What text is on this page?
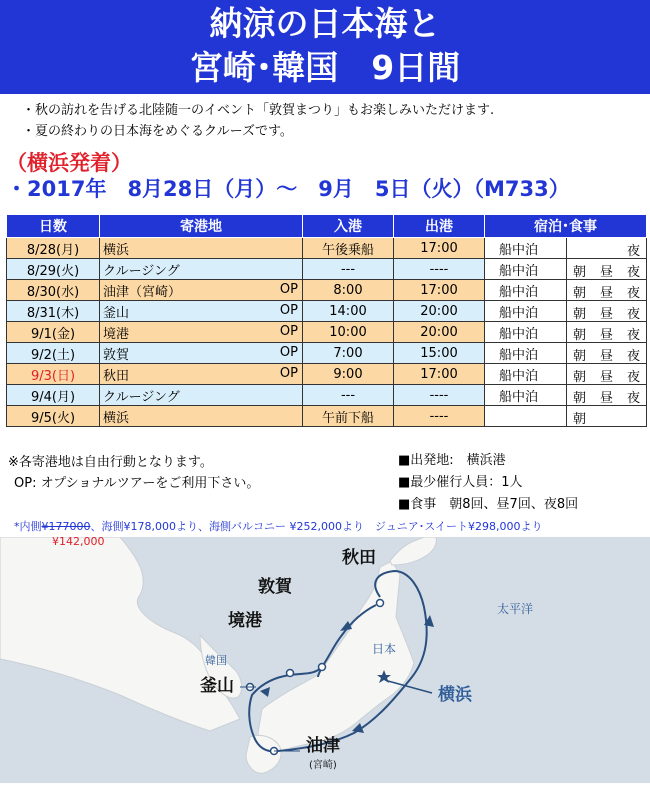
納涼の日本海と
宮崎･韓国　9日間
・秋の訪れを告げる北陸随一のイベント「敦賀まつり」もお楽しみいただけます.
・夏の終わりの日本海をめぐるクルーズです。
（横浜発着）
・2017年　8月28日（月）～　9月　5日（火）（M733）
日数	寄港地	入港	出港	宿泊･食事	
8/28(月)	横浜	午後乗船	17:00	船中泊	夜

8/29(火)	クルージング	‐‐‐	‐‐‐‐	船中泊	朝 昼 夜

8/30(水)	油津（宮崎） OP	8:00	17:00	船中泊	朝 昼 夜

8/31(木)	釜山 OP	14:00	20:00	船中泊	朝 昼 夜

9/1(金)	境港 OP	10:00	20:00	船中泊	朝 昼 夜

9/2(土)	敦賀 OP	7:00	15:00	船中泊	朝 昼 夜

9/3(日)	秋田 OP	9:00	17:00	船中泊	朝 昼 夜

9/4(月)	クルージング	‐‐‐	‐‐‐‐	船中泊	朝 昼 夜

9/5(火)	横浜	午前下船	‐‐‐‐		朝
※各寄港地は自由行動となります。
OP: オプショナルツアーをご利用下さい。
■出発地:　横浜港
■最少催行人員：1人
■食事　朝8回、昼7回、夜8回
*内側¥177000、海側¥178,000より、海側バルコニー ¥252,000より　ジュニア･スイート¥298,000より
秋田
敦賀
境港
釜山
油津
(宮崎)
横浜
太平洋
日本
韓国
¥142,000
